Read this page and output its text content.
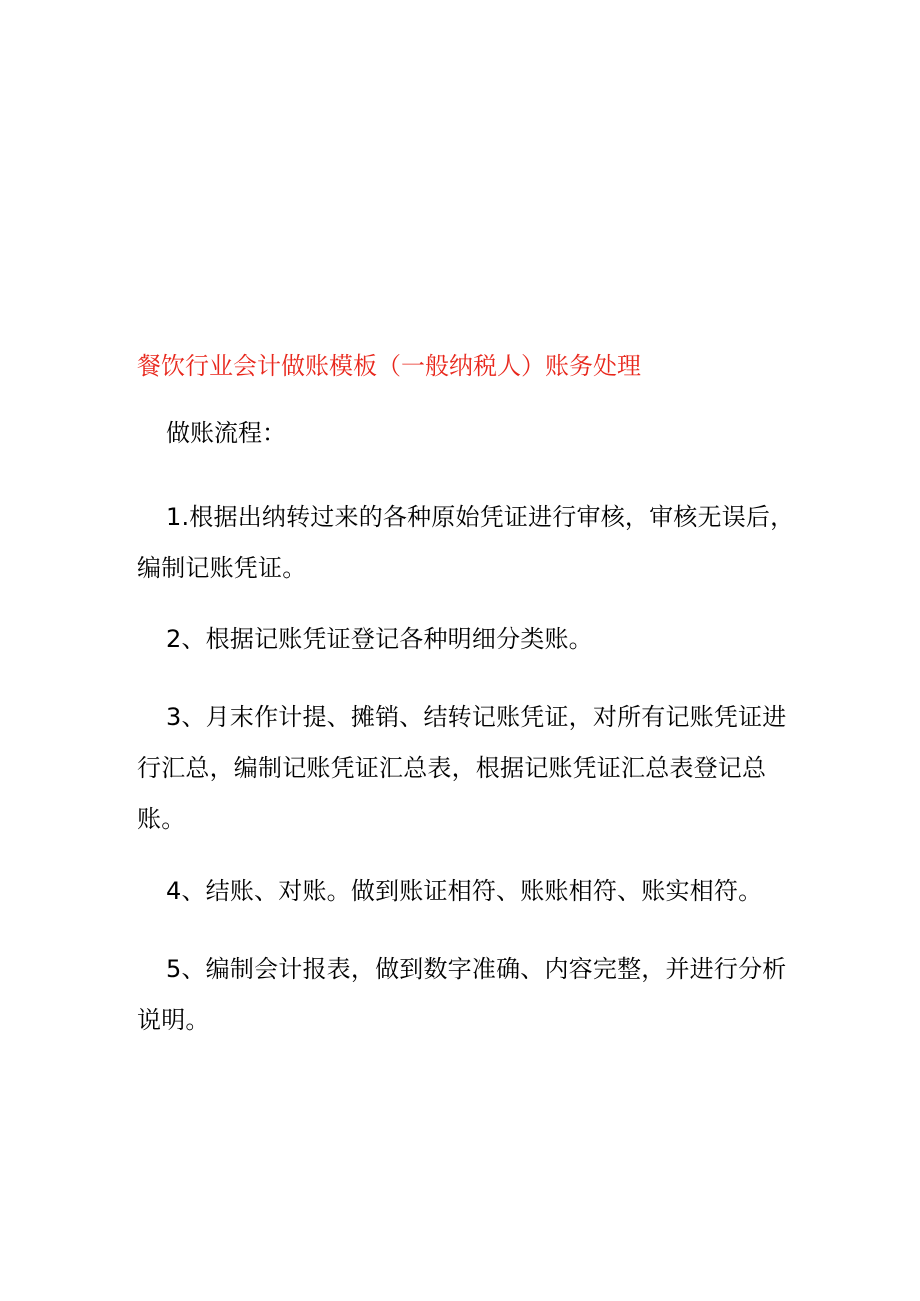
餐饮行业会计做账模板（一般纳税人）账务处理
做账流程：

1.根据出纳转过来的各种原始凭证进行审核，审核无误后，编制记账凭证。

2、根据记账凭证登记各种明细分类账。

3、月末作计提、摊销、结转记账凭证，对所有记账凭证进行汇总，编制记账凭证汇总表，根据记账凭证汇总表登记总账。

4、结账、对账。做到账证相符、账账相符、账实相符。

5、编制会计报表，做到数字准确、内容完整，并进行分析说明。
